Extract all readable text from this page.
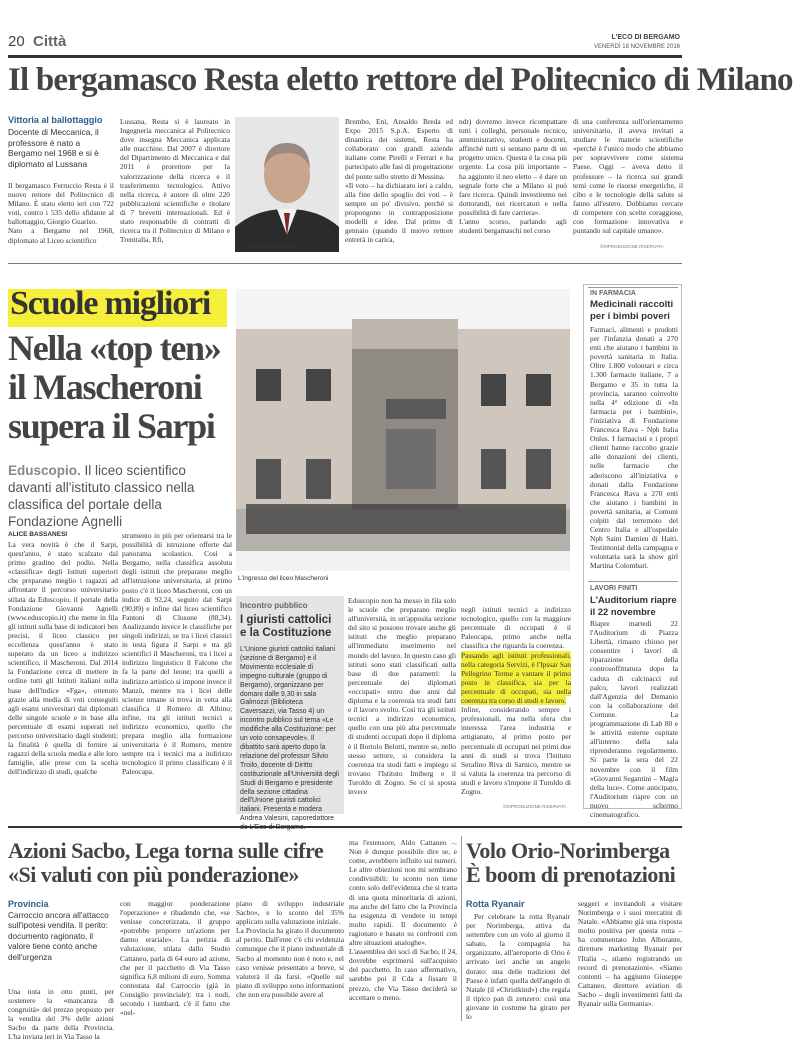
20 Città	L'ECO DI BERGAMO
VENERDÌ 18 NOVEMBRE 2016
Il bergamasco Resta eletto rettore del Politecnico di Milano
Vittoria al ballottaggio
Docente di Meccanica, il professore è nato a Bergamo nel 1968 e si è diplomato al Lussana
Il bergamasco Ferruccio Resta è il nuovo rettore del Politecnico di Milano. È stato eletto ieri con 722 voti, contro i 535 dello sfidante al ballottaggio, Giorgio Guariso.
Nato a Bergamo nel 1968, diplomato al Liceo scientifico
Lussana, Resta si è laureato in Ingegneria meccanica al Politecnico dove insegna Meccanica applicata alle macchine. Dal 2007 è direttore del Dipartimento di Meccanica e dal 2011 è prorettore per la valorizzazione della ricerca e il trasferimento tecnologico. Attivo nella ricerca, è autore di oltre 220 pubblicazioni scientifiche e titolare di 7 brevetti internazionali. Ed è stato responsabile di contratti di ricerca tra il Politecnico di Milano e Trenitalia, Rfi,
Ferruccio Resta
Brembo, Eni, Ansaldo Breda ed Expo 2015 S.p.A. Esperto di dinamica dei sistemi, Resta ha collaborato con grandi aziende italiane come Pirelli e Ferrari e ha partecipato alle fasi di progettazione del ponte sullo stretto di Messina.
«Il voto – ha dichiarato ieri a caldo, alla fine dello spoglio dei voti – è sempre un po' divisivo, perché si propongono in contrapposizione modelli e idee. Dal primo di gennaio (quando il nuovo rettore entrerà in carica,
ndr) dovremo invece ricompattare tutti i colleghi, personale tecnico, amministrativo, studenti e docenti, affinché tutti si sentano parte di un progetto unico. Questa è la cosa più urgente. La cosa più importante – ha aggiunto il neo eletto – è dare un segnale forte che a Milano si può fare ricerca. Quindi investiremo nei dottorandi, nei ricercatori e nella possibilità di fare carriera».
L'anno scorso, parlando agli studenti bergamaschi nel corso
di una conferenza sull'orientamento universitario, il aveva invitati a studiare le materie scientifiche «perché è l'unico modo che abbiamo per sopravvivere come sistema Paese. Oggi – aveva detto il professore – la ricerca sui grandi temi come le risorse energetiche, il cibo e le tecnologie della salute si fanno all'estero. Dobbiamo cercare di competere con scelte coraggiose, con formazione innovativa e puntando sul capitale umano».
©RIPRODUZIONE RISERVATA
Scuole migliori
Nella «top ten»
il Mascheroni
supera il Sarpi
Eduscopio. Il liceo scientifico davanti all'istituto classico nella classifica del portale della Fondazione Agnelli
ALICE BASSANESI
La vera novità è che il Sarpi, quest'anno, è stato scalzato dal primo gradino del podio. Nella «classifica» degli Istituti superiori che preparano meglio i ragazzi ad affrontare il percorso universitario stilata da Eduscopio, il portale della Fondazione Giovanni Agnelli (www.eduscopio.it) che mette in fila gli istituti sulla base di indicatori ben precisi, il liceo classico per eccellenza quest'anno è stato superato da un liceo a indirizzo scientifico, il Mascheroni. Dal 2014 la Fondazione cerca di mettere in ordine tutti gli Istituti italiani sulla base dell'indice «Fga», ottenuto grazie alla media di voti conseguiti agli esami universitari dai diplomati delle singole scuole e in base alla percentuale di esami superati nel percorso universitario dagli studenti; la finalità è quella di fornire ai ragazzi della scuola media e alle loro famiglie, alle prese con la scelta dell'indirizzo di studi, qualche
strumento in più per orientarsi tra le possibilità di istruzione offerte dal panorama scolastico. Così a Bergamo, nella classifica assoluta degli istituti che preparano meglio all'istruzione universitaria, al primo posto c'è il liceo Mascheroni, con un indice di 92,24, seguito dal Sarpi (90,89) e infine dal liceo scientifico Fantoni di Clusone (88,34). Analizzando invece le classifiche per singoli indirizzi, se tra i licei classici in testa figura il Sarpi e tra gli scientifici il Mascheroni, tra i licei a indirizzo linguistico il Falcone che fa la parte del leone; tra quelli a indirizzo artistico si impone invece il Manzù, mentre tra i licei delle scienze umane si trova in vetta alla classifica il Romero di Albino; infine, tra gli istituti tecnici a indirizzo economico, quello che prepara meglio alla formazione universitaria è il Romero, mentre sempre tra i tecnici ma a indirizzo tecnologico il primo classificato è il Paleocapa.
L'ingresso del liceo Mascheroni
Incontro pubblico
I giuristi cattolici e la Costituzione
L'Unione giuristi cattolici italiani (sezione di Bergamo) e il Movimento ecclesiale di impegno culturale (gruppo di Bergamo), organizzano per domani dalle 9,30 in sala Galmozzi (Biblioteca Caversazzi, via Tasso 4) un incontro pubblico sul tema «Le modifiche alla Costituzione: per un voto consapevole». Il dibattito sarà aperto dopo la relazione del professor Silvio Troilo, docente di Diritto costituzionale all'Università degli Studi di Bergamo e presidente della sezione cittadina dell'Unione giuristi cattolici italiani. Presenta e modera Andrea Valesini, caporedattore
Eduscopio non ha messo in fila solo le scuole che preparano meglio all'università, in un'apposita sezione del sito si possono trovare anche gli istituti che meglio preparano all'immediato inserimento nel mondo del lavoro. In questo caso gli istituti sono stati classificati sulla base di due parametri: la percentuale dei diplomati «occupati» entro due anni dal diploma e la coerenza tra studi fatti e il lavoro svolto. Così tra gli istituti tecnici a indirizzo economico, quello con una più alta percentuale di studenti occupati dopo il diploma è il Bortolo Belotti, mentre se, nello stesso settore, si considera la coerenza tra studi fatti e impiego si trovano l'Istituto Imiberg e il Turoldo di Zogno. Se ci si sposta invece

negli istituti tecnici a indirizzo tecnologico, quello con la maggiore percentuale di occupati è il Paleocapa, primo anche nella classifica che riguarda la coerenza.
Passando agli istituti professionali, nella categoria Servizi, è l'Ipssar San Pellegrino Terme a vantare il primo posto in classifica, sia per la percentuale di occupati, sia nella coerenza tra corso di studi e lavoro.
Infine, considerando sempre i professionali, ma nella sfera che interessa l'area industria e artigianato, al primo posto per percentuale di occupati nei primi due anni di studi si trova l'Istituto Serafino Riva di Sarnico, mentre se si valuta la coerenza tra percorso di studi e lavoro s'impone il Turoldo di Zogno.

©RIPRODUZIONE RISERVATA
IN FARMACIA
Medicinali raccolti per i bimbi poveri
Farmaci, alimenti e prodotti per l'infanzia donati a 270 enti che aiutano i bambini in povertà sanitaria in Italia. Oltre 1.800 volontari e circa 1.300 farmacie italiane, 7 a Bergamo e 35 in tutta la provincia, saranno coinvolte nella 4ª edizione di «In farmacia per i bambini», l'iniziativa di Fondazione Francesca Rava - Nph Italia Onlus. I farmacisti e i propri clienti hanno raccolto grazie alle donazioni dei clienti, nelle farmacie che aderiscono all'iniziativa e donati dalla Fondazione Francesca Rava a 270 enti che aiutano i bambini in povertà sanitaria, ai Comuni colpiti dal terremoto del Centro Italia e all'ospedale Nph Saint Damien di Haiti. Testimonial della campagna e volontaria sarà la show girl Martina Colombari.
LAVORI FINITI
L'Auditorium riapre il 22 novembre
Riapre martedì 22 l'Auditorium di Piazza Libertà, rimasto chiuso per consentire i lavori di riparazione della controsoffittatura dopo la caduta di calcinacci sul palco, lavori realizzati dall'Agenzia del Demanio con la collaborazione del Comune. La programmazione di Lab 80 e le attività esterne ospitate all'interno della sala riprenderanno regolarmente. Si parte la sera del 22 novembre con il film «Giovanni Segantini – Magia della luce». Come anticipato, l'Auditorium riapre con un nuovo schermo cinematografico.
Azioni Sacbo, Lega torna sulle cifre
«Si valuti con più ponderazione»
Provincia
Carroccio ancora all'attacco sull'ipotesi vendita. Il perito: documento ragionato, il valore tiene conto anche dell'urgenza
Una nota in otto punti, per sostenere la «mancanza di congruità» del prezzo proposto per la vendita del 3% delle azioni Sacbo da parte della Provincia. L'ha inviata ieri in Via Tasso la
con maggior ponderazione l'operazione» e ribadendo che, «se venisse concretizzata, il gruppo «potrebbe proporre un'azione per danno erariale». La perizia di valutazione, stilata dallo Studio Cattaneo, parla di 64 euro ad azione, che per il pacchetto di Via Tasso significa 6,8 milioni di euro. Somma contestata dal Carroccio (già in Consiglio provinciale): tra i nodi, secondo i lumbard, c'è il fatto che «nel-
piano di sviluppo industriale Sacbo», e lo sconto del 35% applicato sulla valutazione iniziale.
La Provincia ha girato il documento al perito. Dall'ente c'è chi evidenzia comunque che il piano industriale di Sacbo al momento non è noto e, nel caso venisse presentato a breve, si valuterà il da farsi. «Quelle sul piano di sviluppo sono informazioni che non era possibile avere al
ma l'estensore, Aldo Cattaneo –. Non è dunque possibile dire se, e come, avrebbero influito sui numeri. Le altre obiezioni non mi sembrano condivisibili: lo sconto non tiene conto solo dell'evidenza che si tratta di una quota minoritaria di azioni, ma anche del fatto che la Provincia ha esigenza di vendere in tempi molto rapidi. Il documento è ragionato e basato su confronti con altre situazioni analoghe».
L'assemblea dei soci di Sacbo, il 24, dovrebbe esprimersi sull'acquisto del pacchetto. In caso affermativo, sarebbe poi il Cda a fissare il prezzo, che Via Tasso deciderà se accettare o meno.
Volo Orio-Norimberga
È boom di prenotazioni
Rotta Ryanair
Per celebrare la rotta Ryanair per Norimberga, attiva da settembre con un volo al giorno il sabato, la compagnia ha organizzato, all'aeroporto di Orio è arrivato ieri anche un angelo dorato: una delle tradizioni del Paese è infatti quella dell'angelo di Natale (il «Christkind») che regala il tipico pan di zenzero: così una giovane in costume ha girato per lo
seggeri e invitandoli a visitare Norimberga e i suoi mercatini di Natale. «Abbiamo già una risposta molto positiva per questa rotta – ha commentato John Alborante, direttore marketing Ryanair per l'Italia –, stiamo registrando un record di prenotazioni». «Siamo contenti – ha aggiunto Giuseppe Cattaneo, direttore aviation di Sacbo – degli investimenti fatti da Ryanair sulla Germania».
